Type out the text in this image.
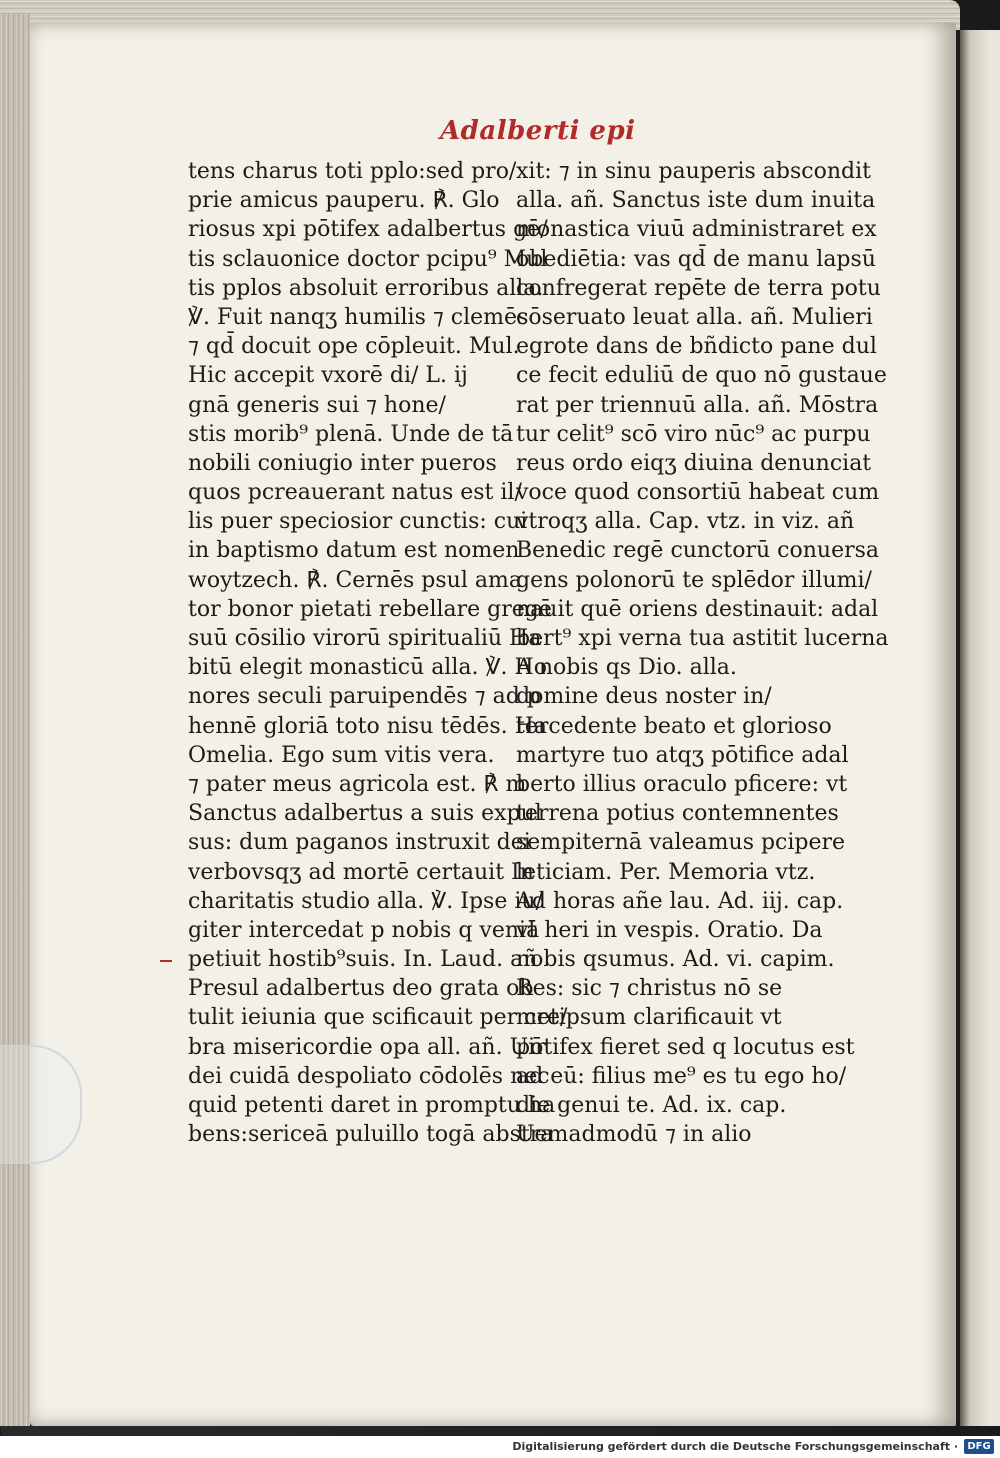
Adalberti epi
tens charus toti pplo:sed pro/
prie amicus pauperu. ℟. Glo
riosus xpi pōtifex adalbertus gē/
tis sclauonice doctor pcipu⁹ Mul
tis pplos absoluit erroribus alla.
℣. Fuit nanqʒ humilis ⁊ clemēs
⁊ qd̄ docuit ope cōpleuit. Mul.
Hic accepit vxorē di/ L. ij
gnā generis sui ⁊ hone/
stis morib⁹ plenā. Unde de tā
nobili coniugio inter pueros
quos pcreauerant natus est il/
lis puer speciosior cunctis: cui
in baptismo datum est nomen
woytzech. ℟. Cernēs psul ama
tor bonor pietati rebellare gregē
suū cōsilio virorū spiritualiū Ha
bitū elegit monasticū alla. ℣. Ho
nores seculi paruipendēs ⁊ ad p
hennē gloriā toto nisu tēdēs. Ha
Omelia. Ego sum vitis vera.
⁊ pater meus agricola est. ℟ m
Sanctus adalbertus a suis expul
sus: dum paganos instruxit dei
verbovsqʒ ad mortē certauit In
charitatis studio alla. ℣. Ipse iu/
giter intercedat p nobis q veniā
petiuit hostib⁹suis. In. Laud. añ
Presul adalbertus deo grata ob
tulit ieiunia que scificauit per cre/
bra misericordie opa all. añ. Uir
dei cuidā despoliato cōdolēs nec
quid petenti daret in promptu ha
bens:sericeā puluillo togā abstra
xit: ⁊ in sinu pauperis abscondit
alla. añ. Sanctus iste dum inuita
monastica viuū administraret ex
obediētia: vas qd̄ de manu lapsū
confregerat repēte de terra potu
cōseruato leuat alla. añ. Mulieri
egrote dans de bñdicto pane dul
ce fecit eduliū de quo nō gustaue
rat per triennuū alla. añ. Mōstra
tur celit⁹ scō viro nūc⁹ ac purpu
reus ordo eiqʒ diuina denunciat
voce quod consortiū habeat cum
vtroqʒ alla. Cap. vtz. in viz. añ
Benedic regē cunctorū conuersa
gens polonorū te splēdor illumi/
nauit quē oriens destinauit: adal
bert⁹ xpi verna tua astitit lucerna
A nobis qs Dio. alla.
domine deus noster in/
tercedente beato et glorioso
martyre tuo atqʒ pōtifice adal
berto illius oraculo pficere: vt
terrena potius contemnentes
sempiternā valeamus pcipere
leticiam. Per. Memoria vtz.
Ad horas añe lau. Ad. iij. cap.
vt heri in vespis. Oratio. Da
nobis qsumus. Ad. vi. capim.
Res: sic ⁊ christus nō se
metipsum clarificauit vt
pōtifex fieret sed q locutus est
ad eū: filius me⁹ es tu ego ho/
die genui te. Ad. ix. cap.
Uemadmodū ⁊ in alio
Digitalisierung gefördert durch die Deutsche Forschungsgemeinschaft · DFG
